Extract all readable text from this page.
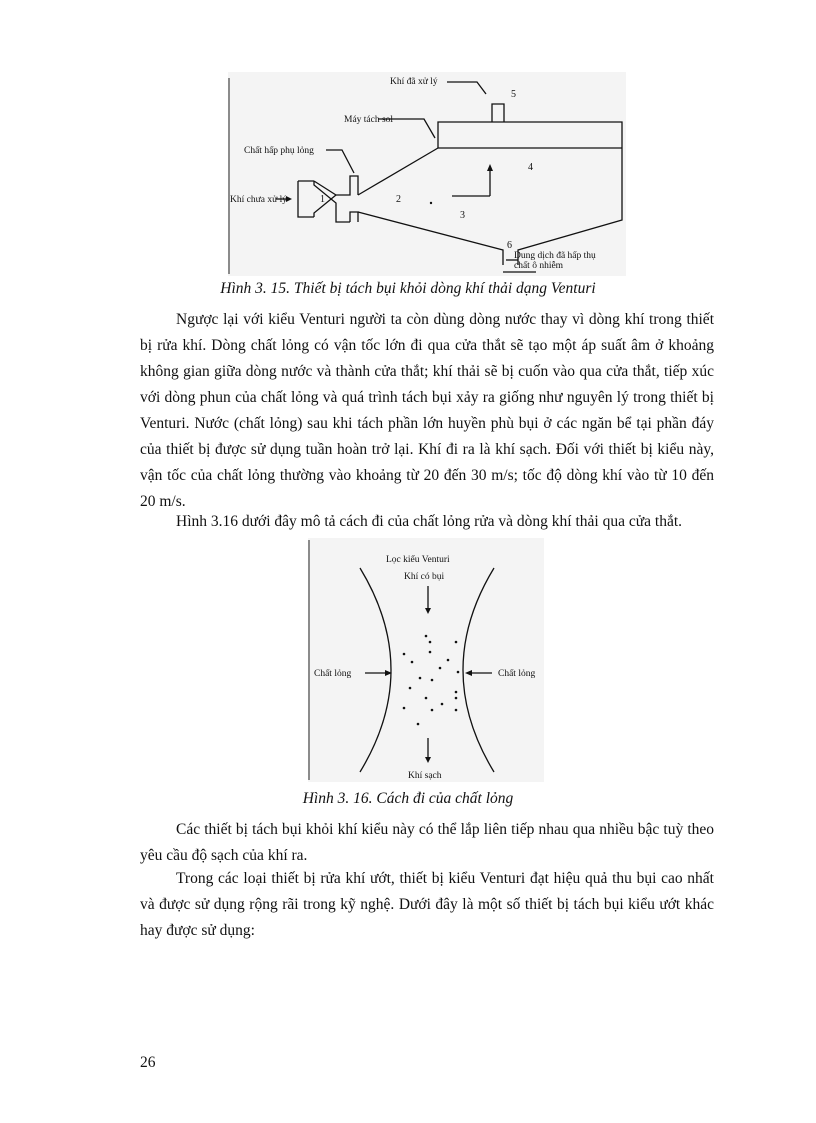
Khí đã xử lý
Máy tách sol
Chất hấp phụ lỏng
Khí chưa xử lý
Dung dịch đã hấp thụ
chất ô nhiễm
1	2
3
4
5
6
Hình 3. 15. Thiết bị tách bụi khỏi dòng khí thải dạng Venturi

Ngược lại với kiểu Venturi người ta còn dùng dòng nước thay vì dòng khí trong thiết bị rửa khí. Dòng chất lỏng có vận tốc lớn đi qua cửa thắt sẽ tạo một áp suất âm ở khoảng không gian giữa dòng nước và thành cửa thắt; khí thải sẽ bị cuốn vào qua cửa thắt, tiếp xúc với dòng phun của chất lỏng và quá trình tách bụi xảy ra giống như nguyên lý trong thiết bị Venturi. Nước (chất lỏng) sau khi tách phần lớn huyền phù bụi ở các ngăn bể tại phần đáy của thiết bị được sử dụng tuần hoàn trở lại. Khí đi ra là khí sạch. Đối với thiết bị kiểu này, vận tốc của chất lỏng thường vào khoảng từ 20 đến 30 m/s; tốc độ dòng khí vào từ 10 đến 20 m/s.

Hình 3.16 dưới đây mô tả cách đi của chất lỏng rửa và dòng khí thải qua cửa thắt.

Lọc kiểu Venturi
Khí có bụi
Chất lỏng	Chất lỏng
Khí sạch
Hình 3. 16. Cách đi của chất lỏng

Các thiết bị tách bụi khỏi khí kiểu này có thể lắp liên tiếp nhau qua nhiều bậc tuỳ theo yêu cầu độ sạch của khí ra.

Trong các loại thiết bị rửa khí ướt, thiết bị kiểu Venturi đạt hiệu quả thu bụi cao nhất và được sử dụng rộng rãi trong kỹ nghệ. Dưới đây là một số thiết bị tách bụi kiểu ướt khác hay được sử dụng:

26
